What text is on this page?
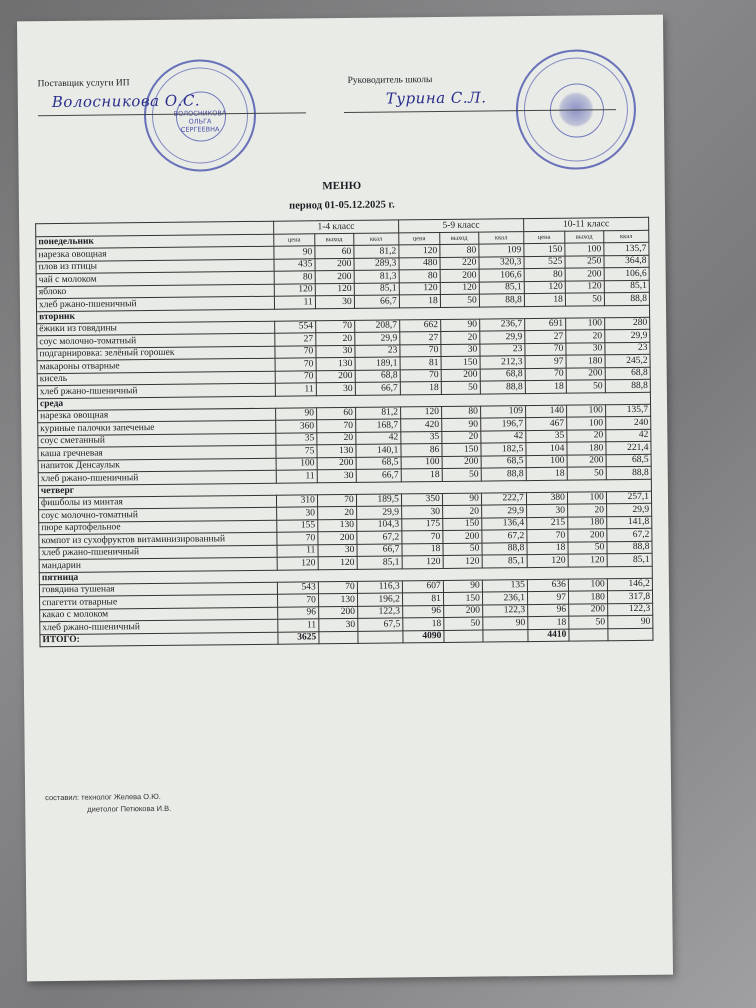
ВОЛОСНИКОВА
ОЛЬГА
СЕРГЕЕВНА
Поставщик услуги ИП
Волосникова О.С.
Руководитель школы
Турина С.Л.
МЕНЮ
период 01-05.12.2025 г.
	1-4 класс			5-9 класс			10-11 класс		
понедельник	цена	выход	ккал	цена	выход	ккал	цена	выход	ккал
нарезка овощная	90	60	81,2	120	80	109	150	100	135,7
плов из птицы	435	200	289,3	480	220	320,3	525	250	364,8
чай с молоком	80	200	81,3	80	200	106,6	80	200	106,6
яблоко	120	120	85,1	120	120	85,1	120	120	85,1
хлеб ржано-пшеничный	11	30	66,7	18	50	88,8	18	50	88,8
вторник									
ёжики из говядины	554	70	208,7	662	90	236,7	691	100	280
соус молочно-томатный	27	20	29,9	27	20	29,9	27	20	29,9
подгарнировка: зелёный горошек	70	30	23	70	30	23	70	30	23
макароны отварные	70	130	189,1	81	150	212,3	97	180	245,2
кисель	70	200	68,8	70	200	68,8	70	200	68,8
хлеб ржано-пшеничный	11	30	66,7	18	50	88,8	18	50	88,8
среда									
нарезка овощная	90	60	81,2	120	80	109	140	100	135,7
куриные палочки запеченые	360	70	168,7	420	90	196,7	467	100	240
соус сметанный	35	20	42	35	20	42	35	20	42
каша гречневая	75	130	140,1	86	150	182,5	104	180	221,4
напиток Денсаулык	100	200	68,5	100	200	68,5	100	200	68,5
хлеб ржано-пшеничный	11	30	66,7	18	50	88,8	18	50	88,8
четверг									
фишболы из минтая	310	70	189,5	350	90	222,7	380	100	257,1
соус молочно-томатный	30	20	29,9	30	20	29,9	30	20	29,9
пюре картофельное	155	130	104,3	175	150	136,4	215	180	141,8
компот из сухофруктов витаминизированный	70	200	67,2	70	200	67,2	70	200	67,2
хлеб ржано-пшеничный	11	30	66,7	18	50	88,8	18	50	88,8
мандарин	120	120	85,1	120	120	85,1	120	120	85,1
пятница									
говядина тушеная	543	70	116,3	607	90	135	636	100	146,2
спагетти отварные	70	130	196,2	81	150	236,1	97	180	317,8
какао с молоком	96	200	122,3	96	200	122,3	96	200	122,3
хлеб ржано-пшеничный	11	30	67,5	18	50	90	18	50	90
ИТОГО:	3625			4090			4410		
составил: технолог Желева О.Ю.
диетолог Петюкова И.В.
